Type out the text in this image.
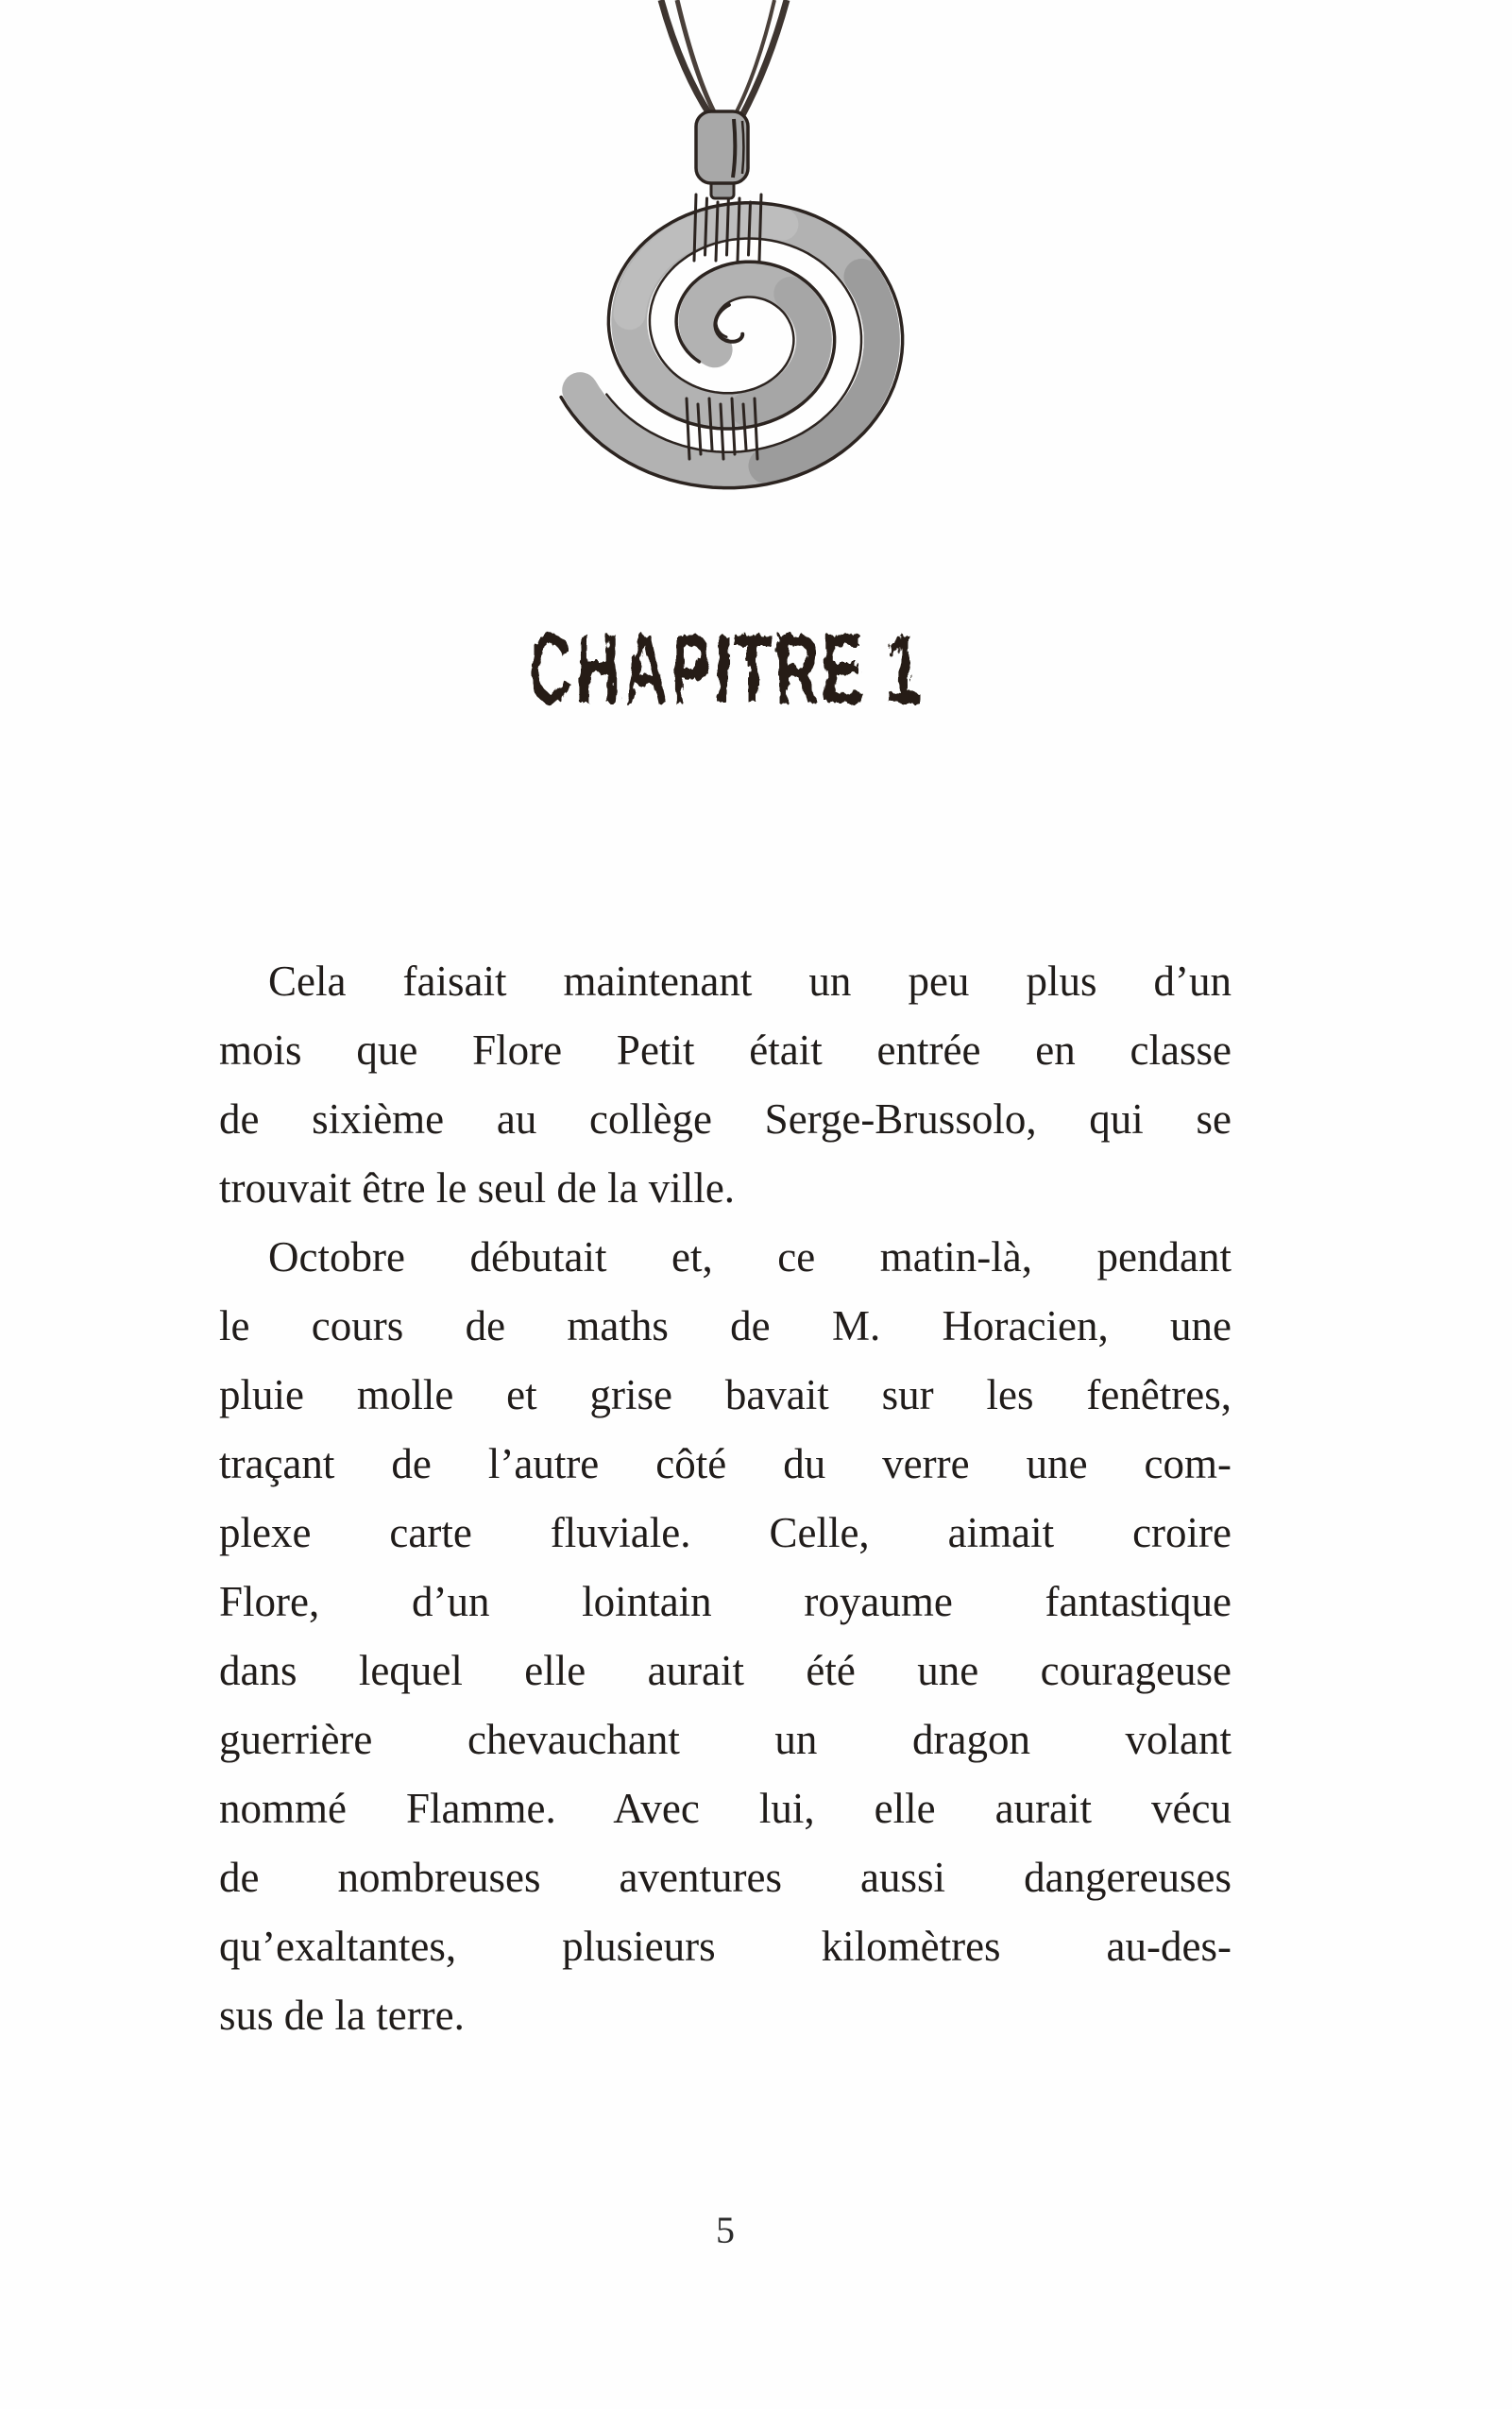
CHAPITRE 1
Cela faisait maintenant un peu plus d’un
mois que Flore Petit était entrée en classe
de sixième au collège Serge-Brussolo, qui se
trouvait être le seul de la ville.
Octobre débutait et, ce matin-là, pendant
le cours de maths de M. Horacien, une
pluie molle et grise bavait sur les fenêtres,
traçant de l’autre côté du verre une com-
plexe carte fluviale. Celle, aimait croire
Flore, d’un lointain royaume fantastique
dans lequel elle aurait été une courageuse
guerrière chevauchant un dragon volant
nommé Flamme. Avec lui, elle aurait vécu
de nombreuses aventures aussi dangereuses
qu’exaltantes, plusieurs kilomètres au-des-
sus de la terre.
5
